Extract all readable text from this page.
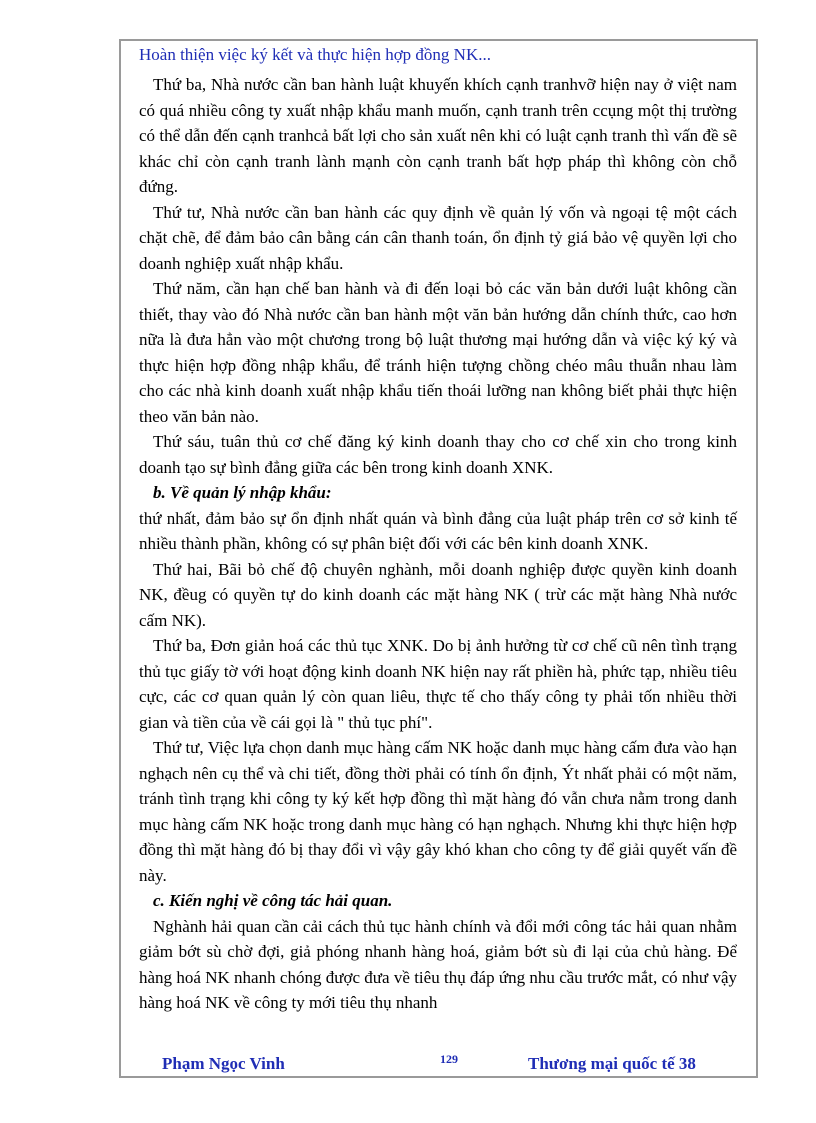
Hoàn thiện việc ký kết và thực hiện hợp đồng NK...

Thứ ba, Nhà nước cần ban hành luật khuyến khích cạnh tranhvỡ hiện nay ở việt nam có quá nhiều công ty xuất nhập khẩu manh muốn, cạnh tranh trên ccụng một thị trường có thể dẫn đến cạnh tranhcả bất lợi cho sản xuất nên khi có luật cạnh tranh thì vấn đề sẽ khác chỉ còn cạnh tranh lành mạnh còn cạnh tranh bất hợp pháp thì không còn chỗ đứng.

Thứ tư, Nhà nước cần ban hành các quy định về quản lý vốn và ngoại tệ một cách chặt chẽ, để đảm bảo cân bằng cán cân thanh toán, ổn định tỷ giá bảo vệ quyền lợi cho doanh nghiệp xuất nhập khẩu.

Thứ năm, cần hạn chế ban hành và đi đến loại bỏ các văn bản dưới luật không cần thiết, thay vào đó Nhà nước cần ban hành một văn bản hướng dẫn chính thức, cao hơn nữa là đưa hẳn vào một chương trong bộ luật thương mại hướng dẫn và việc ký ký và thực hiện hợp đồng nhập khẩu, để tránh hiện tượng chồng chéo mâu thuẫn nhau làm cho các nhà kinh doanh xuất nhập khẩu tiến thoái lưỡng nan không biết phải thực hiện theo văn bản nào.

Thứ sáu, tuân thủ cơ chế đăng ký kinh doanh thay cho cơ chế xin cho trong kinh doanh tạo sự bình đẳng giữa các bên trong kinh doanh XNK.

b. Về quản lý nhập khẩu:

thứ nhất, đảm bảo sự ổn định nhất quán và bình đẳng của luật pháp trên cơ sở kinh tế nhiều thành phần, không có sự phân biệt đối với các bên kinh doanh XNK.

Thứ hai, Bãi bỏ chế độ chuyên nghành, mỗi doanh nghiệp được quyền kinh doanh NK, đềug có quyền tự do kinh doanh các mặt hàng NK ( trừ các mặt hàng Nhà nước cấm NK).

Thứ ba, Đơn giản hoá các thủ tục XNK. Do bị ảnh hưởng từ cơ chế cũ nên tình trạng thủ tục giấy tờ với hoạt động kinh doanh NK hiện nay rất phiền hà, phức tạp, nhiều tiêu cực, các cơ quan quản lý còn quan liêu, thực tế cho thấy công ty phải tốn nhiều thời gian và tiền của về cái gọi là " thủ tục phí".

Thứ tư, Việc lựa chọn danh mục hàng cấm NK hoặc danh mục hàng cấm đưa vào hạn nghạch nên cụ thể và chi tiết, đồng thời phải có tính ổn định, Ýt nhất phải có một năm, tránh tình trạng khi công ty ký kết hợp đồng thì mặt hàng đó vẫn chưa nằm trong danh mục hàng cấm NK hoặc trong danh mục hàng có hạn nghạch. Nhưng khi thực hiện hợp đồng thì mặt hàng đó bị thay đổi vì vậy gây khó khan cho công ty để giải quyết vấn đề này.

c. Kiến nghị về công tác hải quan.

Nghành hải quan cần cải cách thủ tục hành chính và đổi mới công tác hải quan nhằm giảm bớt sù chờ đợi, giả phóng nhanh hàng hoá, giảm bớt sù đi lại của chủ hàng. Để hàng hoá NK nhanh chóng được đưa về tiêu thụ đáp ứng nhu cầu trước mắt, có như vậy hàng hoá NK về công ty mới tiêu thụ nhanh

Phạm Ngọc Vinh	129	Thương mại quốc tế 38
